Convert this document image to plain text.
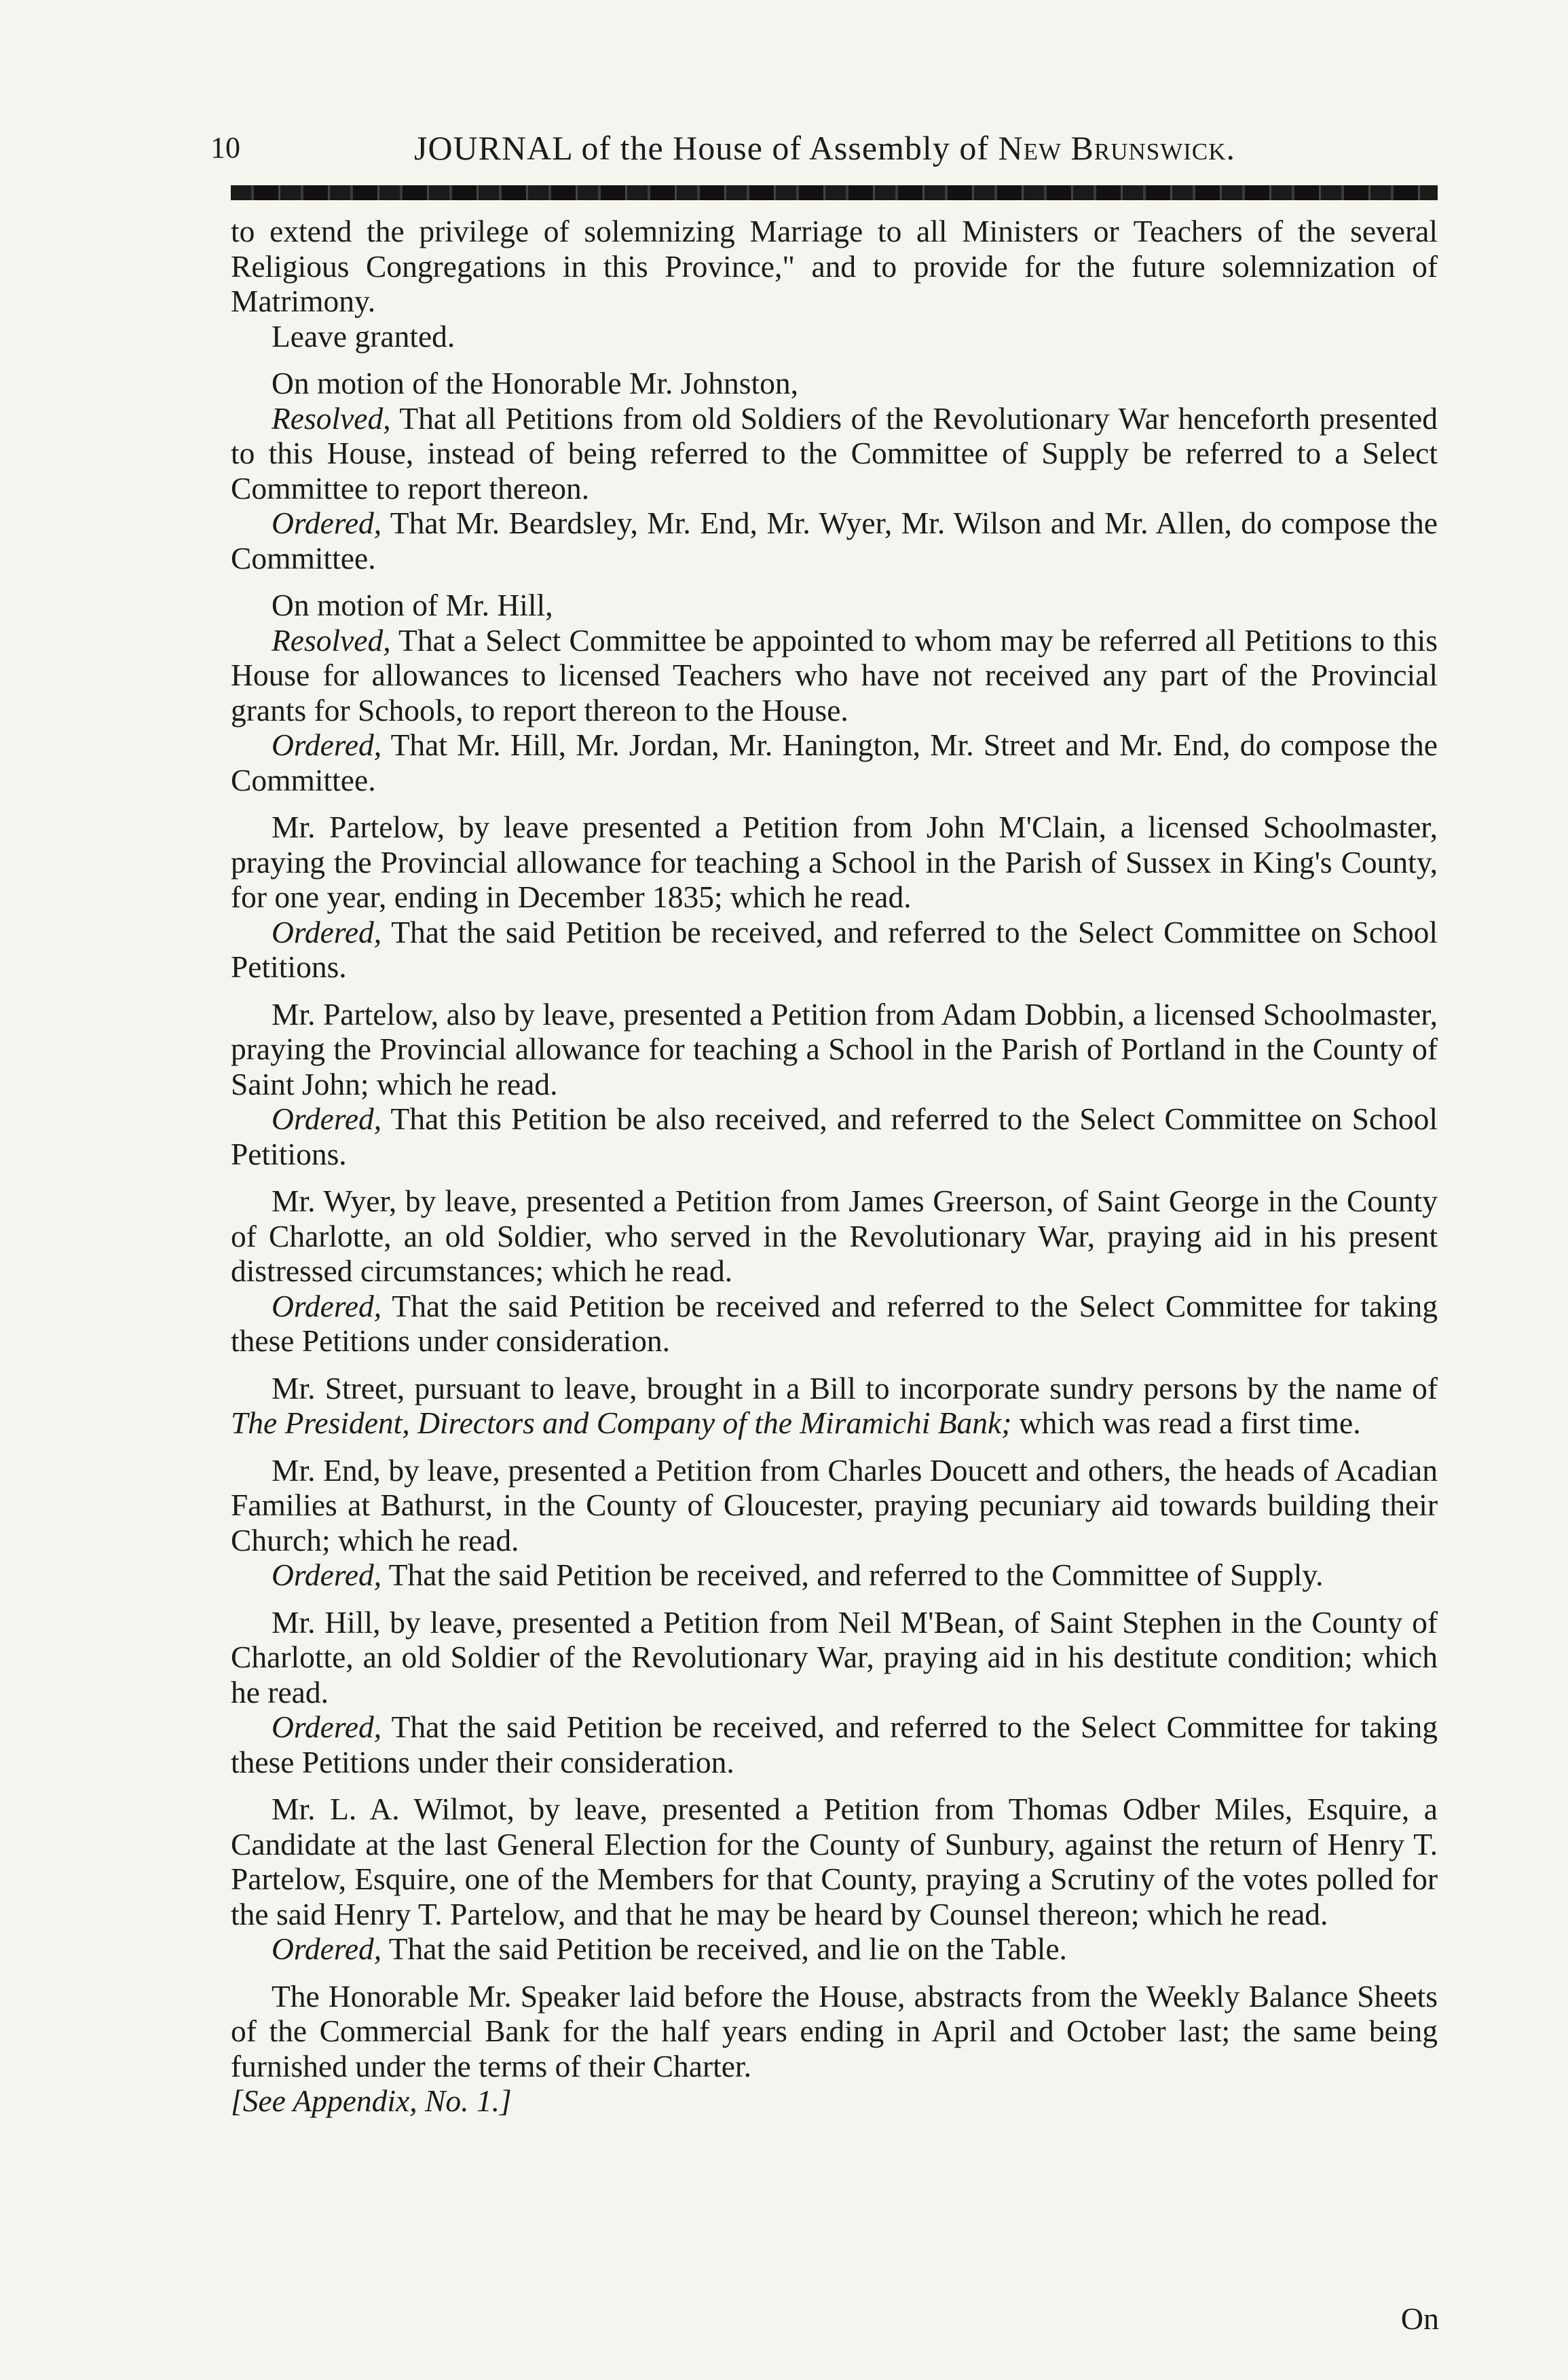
10	JOURNAL of the House of Assembly of New Brunswick.

to extend the privilege of solemnizing Marriage to all Ministers or Teachers of the several Religious Congregations in this Province," and to provide for the future solemnization of Matrimony.

Leave granted.

On motion of the Honorable Mr. Johnston,

Resolved, That all Petitions from old Soldiers of the Revolutionary War henceforth presented to this House, instead of being referred to the Committee of Supply be referred to a Select Committee to report thereon.

Ordered, That Mr. Beardsley, Mr. End, Mr. Wyer, Mr. Wilson and Mr. Allen, do compose the Committee.

On motion of Mr. Hill,

Resolved, That a Select Committee be appointed to whom may be referred all Petitions to this House for allowances to licensed Teachers who have not received any part of the Provincial grants for Schools, to report thereon to the House.

Ordered, That Mr. Hill, Mr. Jordan, Mr. Hanington, Mr. Street and Mr. End, do compose the Committee.

Mr. Partelow, by leave presented a Petition from John M'Clain, a licensed Schoolmaster, praying the Provincial allowance for teaching a School in the Parish of Sussex in King's County, for one year, ending in December 1835; which he read.

Ordered, That the said Petition be received, and referred to the Select Committee on School Petitions.

Mr. Partelow, also by leave, presented a Petition from Adam Dobbin, a licensed Schoolmaster, praying the Provincial allowance for teaching a School in the Parish of Portland in the County of Saint John; which he read.

Ordered, That this Petition be also received, and referred to the Select Committee on School Petitions.

Mr. Wyer, by leave, presented a Petition from James Greerson, of Saint George in the County of Charlotte, an old Soldier, who served in the Revolutionary War, praying aid in his present distressed circumstances; which he read.

Ordered, That the said Petition be received and referred to the Select Committee for taking these Petitions under consideration.

Mr. Street, pursuant to leave, brought in a Bill to incorporate sundry persons by the name of The President, Directors and Company of the Miramichi Bank; which was read a first time.

Mr. End, by leave, presented a Petition from Charles Doucett and others, the heads of Acadian Families at Bathurst, in the County of Gloucester, praying pecuniary aid towards building their Church; which he read.

Ordered, That the said Petition be received, and referred to the Committee of Supply.

Mr. Hill, by leave, presented a Petition from Neil M'Bean, of Saint Stephen in the County of Charlotte, an old Soldier of the Revolutionary War, praying aid in his destitute condition; which he read.

Ordered, That the said Petition be received, and referred to the Select Committee for taking these Petitions under their consideration.

Mr. L. A. Wilmot, by leave, presented a Petition from Thomas Odber Miles, Esquire, a Candidate at the last General Election for the County of Sunbury, against the return of Henry T. Partelow, Esquire, one of the Members for that County, praying a Scrutiny of the votes polled for the said Henry T. Partelow, and that he may be heard by Counsel thereon; which he read.

Ordered, That the said Petition be received, and lie on the Table.

The Honorable Mr. Speaker laid before the House, abstracts from the Weekly Balance Sheets of the Commercial Bank for the half years ending in April and October last; the same being furnished under the terms of their Charter.

[See Appendix, No. 1.]

On
